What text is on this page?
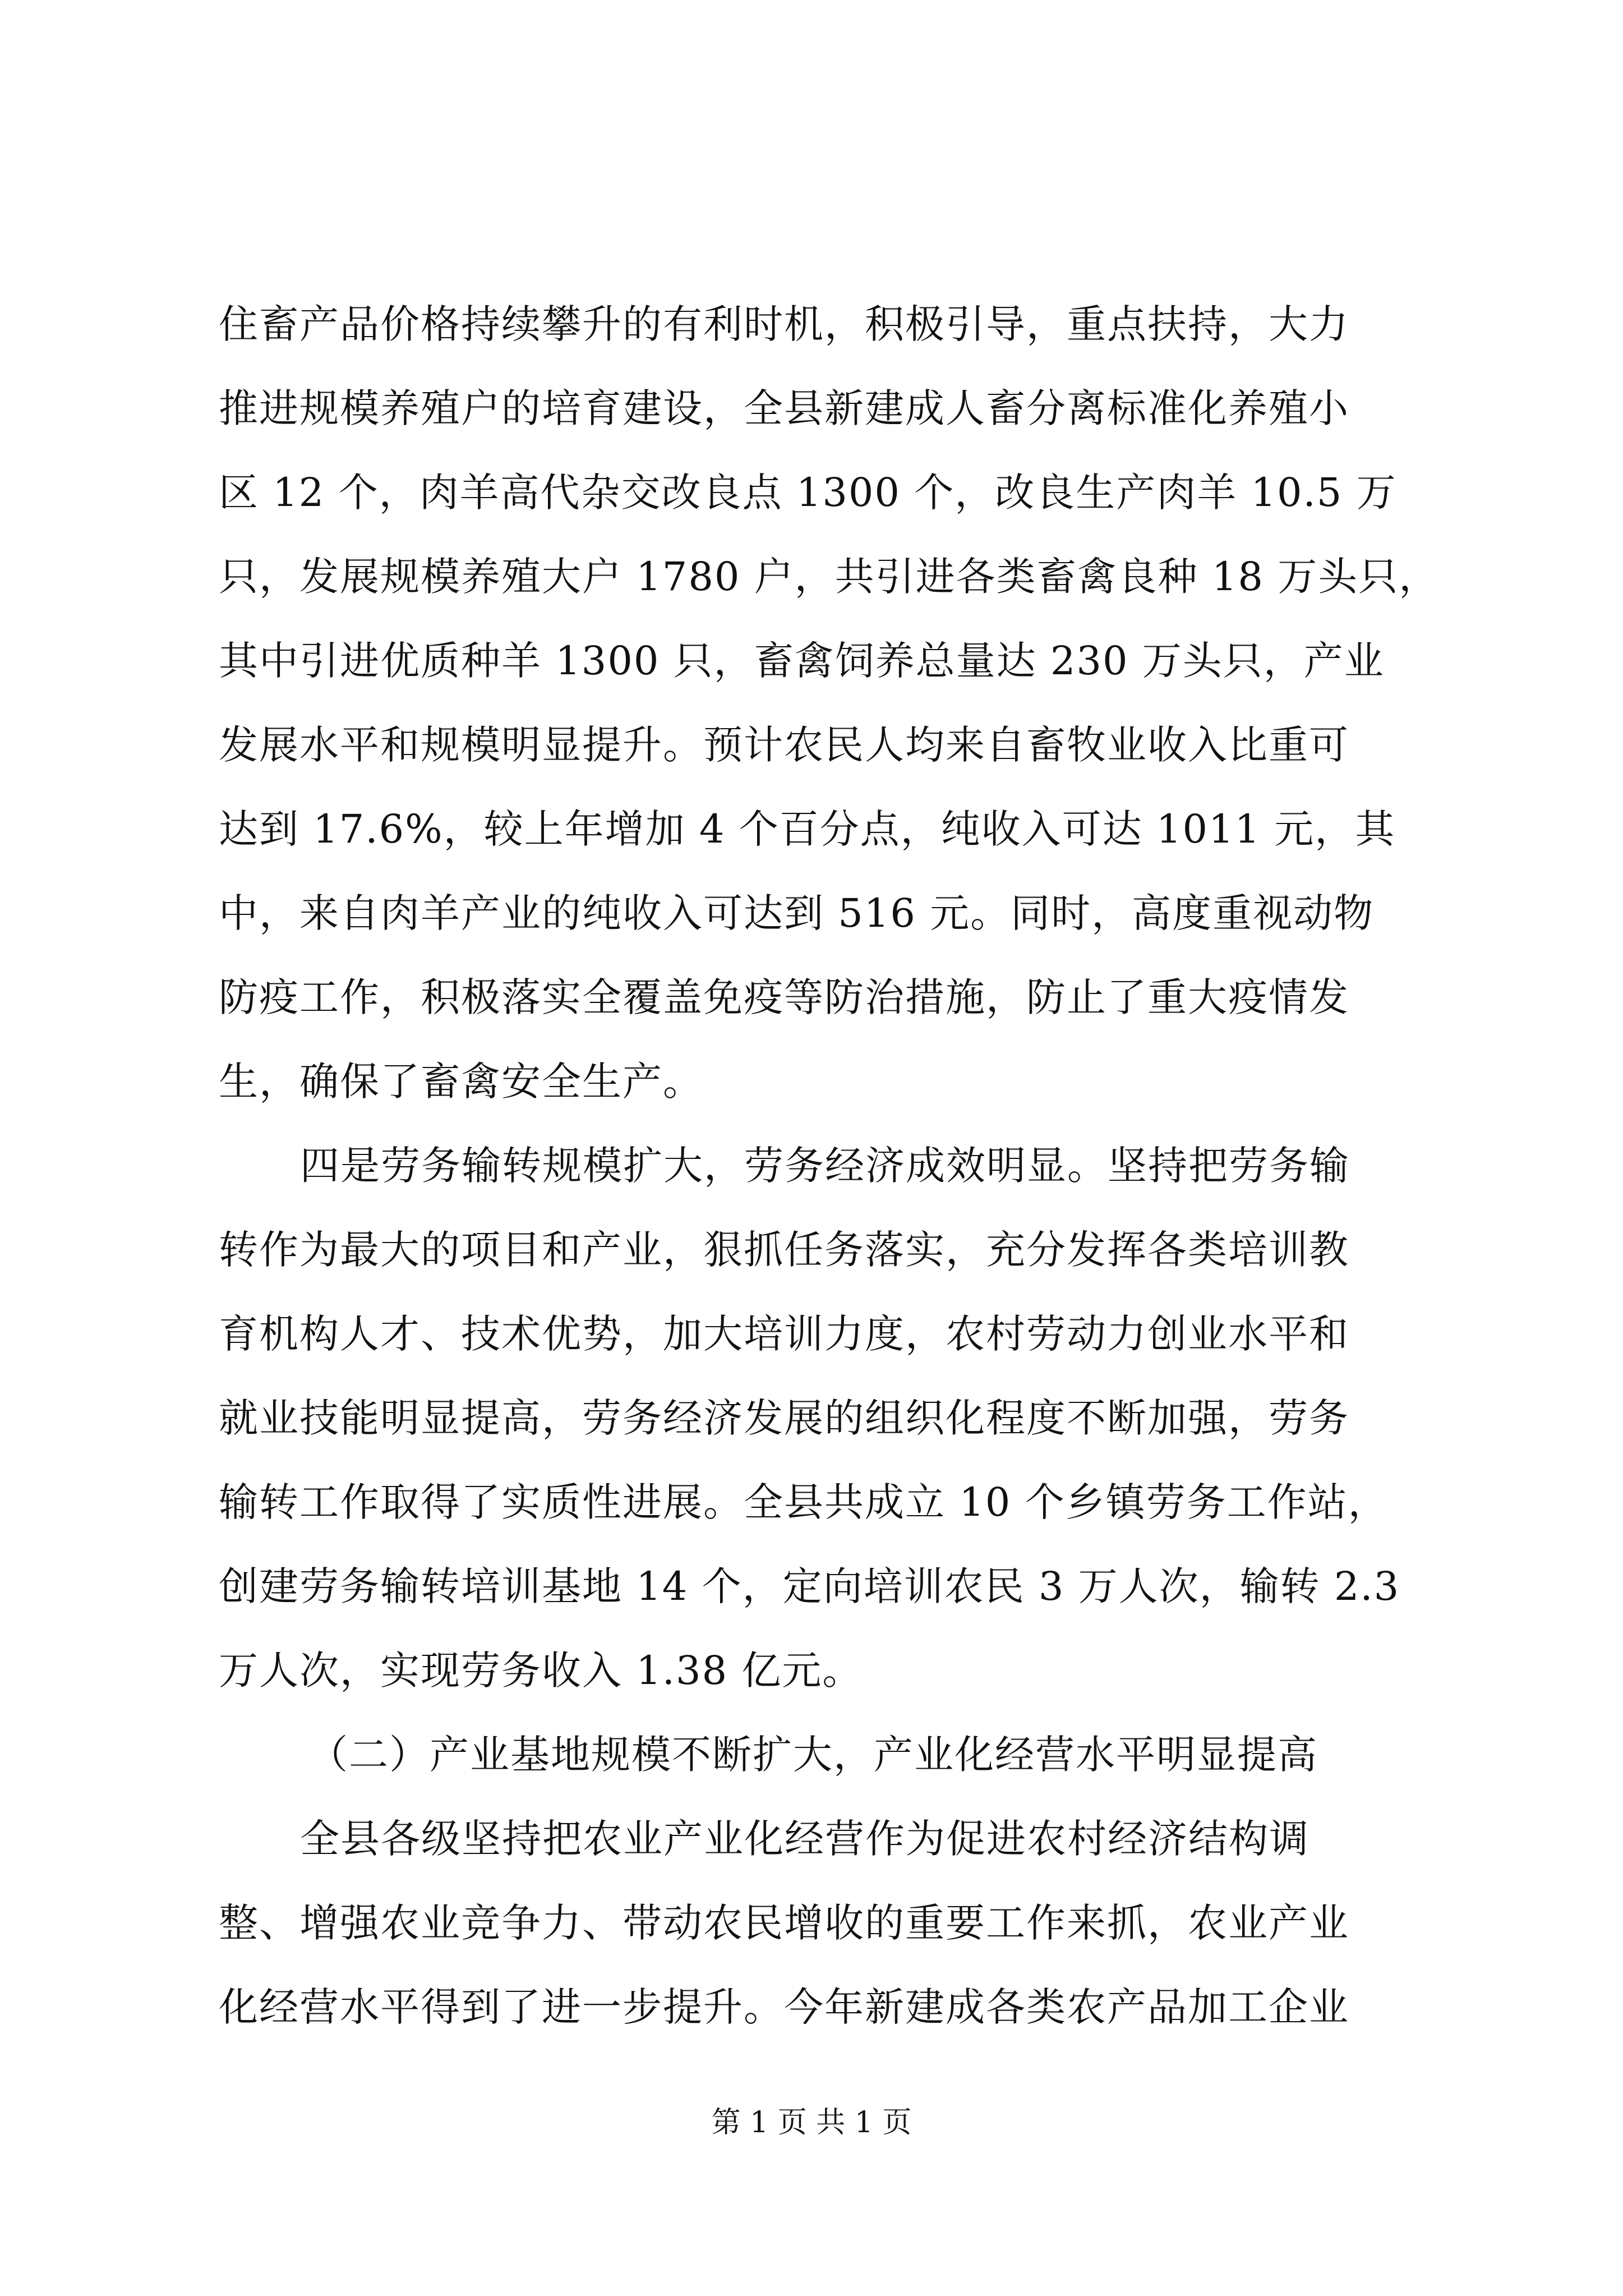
住畜产品价格持续攀升的有利时机，积极引导，重点扶持，大力
推进规模养殖户的培育建设，全县新建成人畜分离标准化养殖小
区 12 个，肉羊高代杂交改良点 1300 个，改良生产肉羊 10.5 万
只，发展规模养殖大户 1780 户，共引进各类畜禽良种 18 万头只，
其中引进优质种羊 1300 只，畜禽饲养总量达 230 万头只，产业
发展水平和规模明显提升。预计农民人均来自畜牧业收入比重可
达到 17.6%，较上年增加 4 个百分点，纯收入可达 1011 元，其
中，来自肉羊产业的纯收入可达到 516 元。同时，高度重视动物
防疫工作，积极落实全覆盖免疫等防治措施，防止了重大疫情发
生，确保了畜禽安全生产。
四是劳务输转规模扩大，劳务经济成效明显。坚持把劳务输
转作为最大的项目和产业，狠抓任务落实，充分发挥各类培训教
育机构人才、技术优势，加大培训力度，农村劳动力创业水平和
就业技能明显提高，劳务经济发展的组织化程度不断加强，劳务
输转工作取得了实质性进展。全县共成立 10 个乡镇劳务工作站，
创建劳务输转培训基地 14 个，定向培训农民 3 万人次，输转 2.3
万人次，实现劳务收入 1.38 亿元。
（二）产业基地规模不断扩大，产业化经营水平明显提高
全县各级坚持把农业产业化经营作为促进农村经济结构调
整、增强农业竞争力、带动农民增收的重要工作来抓，农业产业
化经营水平得到了进一步提升。今年新建成各类农产品加工企业
第 1 页 共 1 页
